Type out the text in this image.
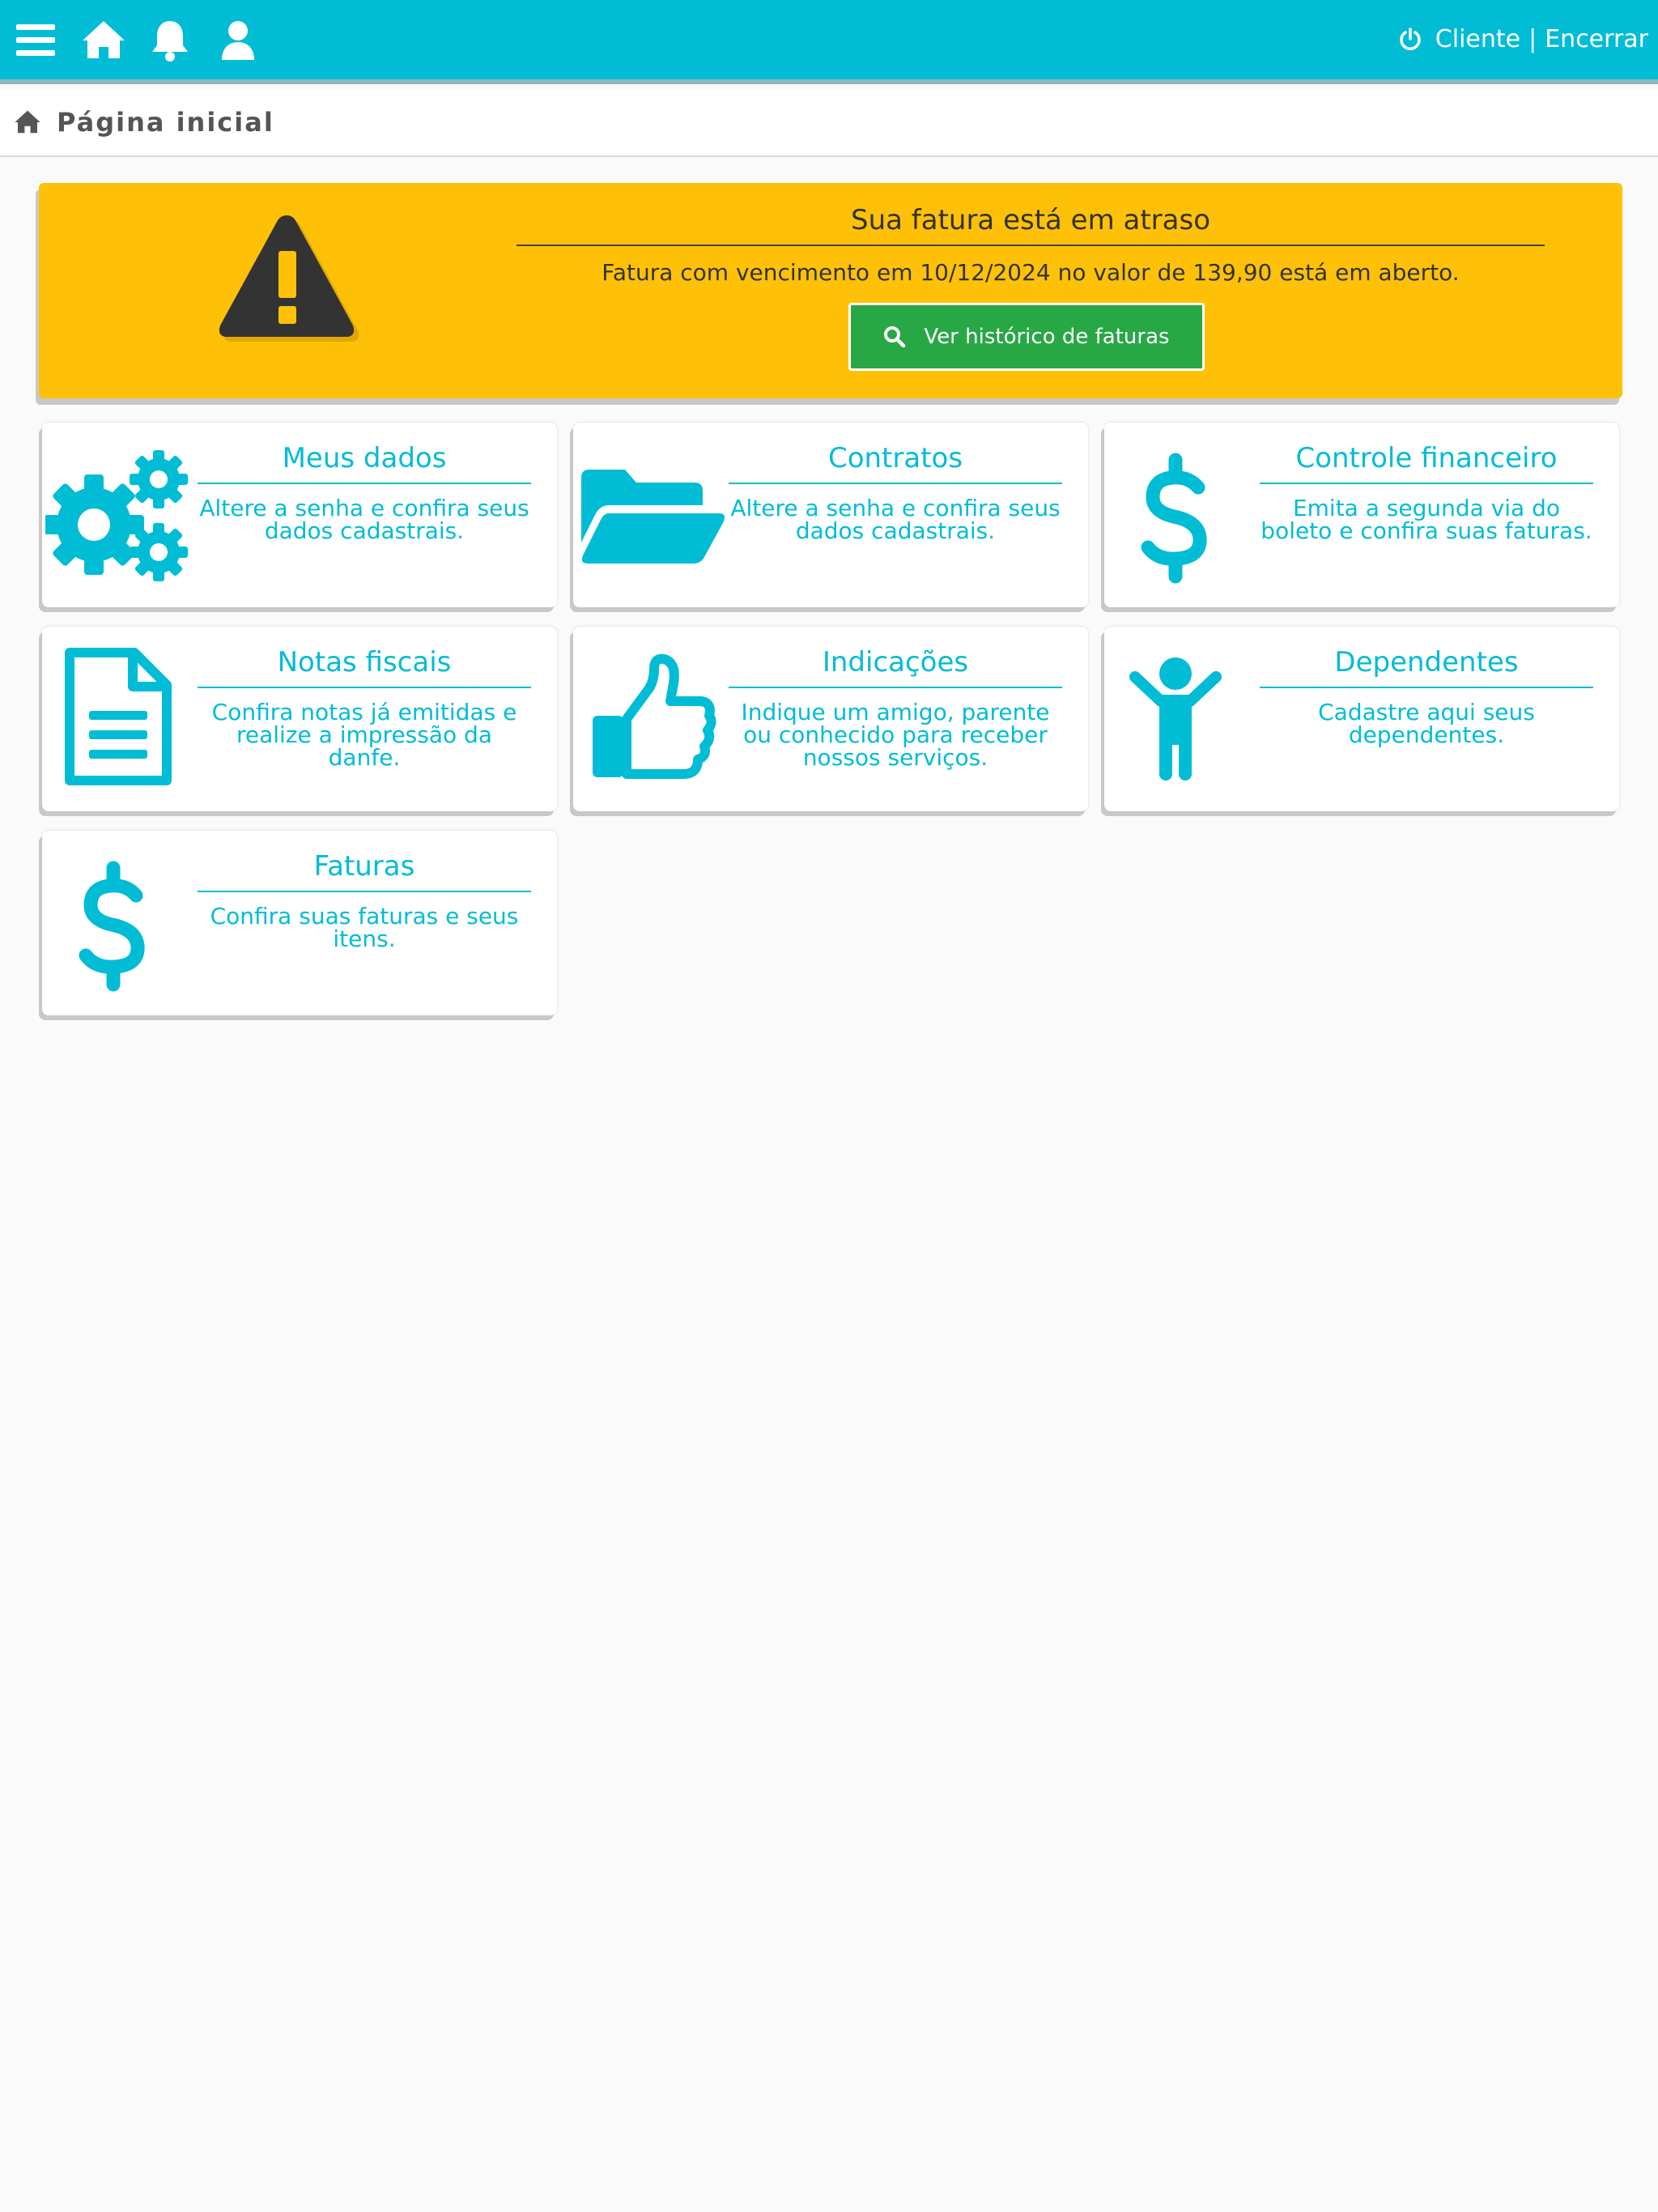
Cliente | Encerrar
Página inicial
Sua fatura está em atraso
Fatura com vencimento em 10/12/2024 no valor de 139,90 está em aberto.
Ver histórico de faturas
Meus dados
Altere a senha e confira seus dados cadastrais.
Contratos
Altere a senha e confira seus dados cadastrais.
Controle financeiro
Emita a segunda via do boleto e confira suas faturas.
Notas fiscais
Confira notas já emitidas e realize a impressão da danfe.
Indicações
Indique um amigo, parente ou conhecido para receber nossos serviços.
Dependentes
Cadastre aqui seus dependentes.
Faturas
Confira suas faturas e seus itens.
